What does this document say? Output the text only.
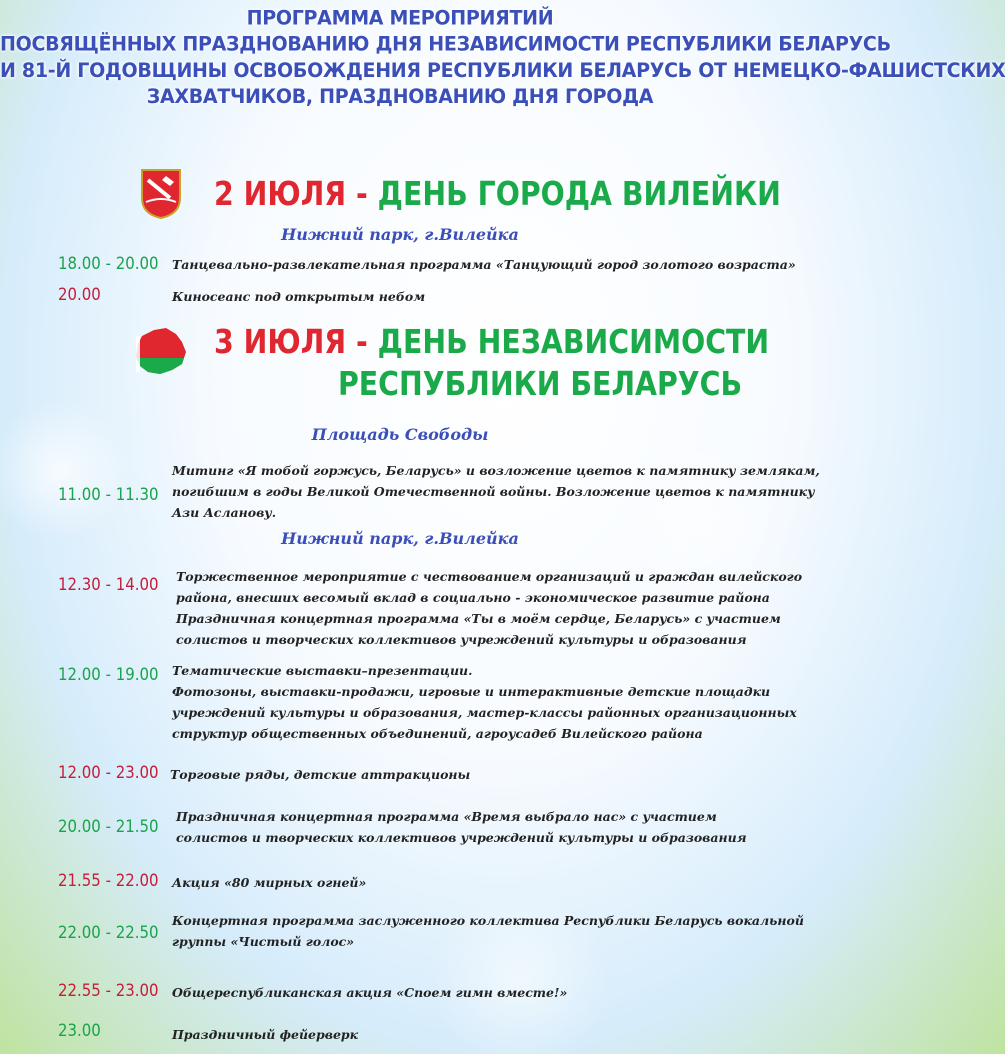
ПРОГРАММА МЕРОПРИЯТИЙ
ПОСВЯЩЁННЫХ ПРАЗДНОВАНИЮ ДНЯ НЕЗАВИСИМОСТИ РЕСПУБЛИКИ БЕЛАРУСЬ
И 81-Й ГОДОВЩИНЫ ОСВОБОЖДЕНИЯ РЕСПУБЛИКИ БЕЛАРУСЬ ОТ НЕМЕЦКО-ФАШИСТСКИХ
ЗАХВАТЧИКОВ, ПРАЗДНОВАНИЮ ДНЯ ГОРОДА
2 ИЮЛЯ - ДЕНЬ ГОРОДА ВИЛЕЙКИ
Нижний парк, г.Вилейка
18.00 - 20.00 Танцевально-развлекательная программа «Танцующий город золотого возраста»
20.00	Киносеанс под открытым небом
3 ИЮЛЯ - ДЕНЬ НЕЗАВИСИМОСТИ
РЕСПУБЛИКИ БЕЛАРУСЬ
Площадь Свободы
11.00 - 11.30
Митинг «Я тобой горжусь, Беларусь» и возложение цветов к памятнику землякам,
погибшим в годы Великой Отечественной войны. Возложение цветов к памятнику
Ази Асланову.
Нижний парк, г.Вилейка
12.30 - 14.00 Торжественное мероприятие с чествованием организаций и граждан вилейского
района, внесших весомый вклад в социально - экономическое развитие района
Праздничная концертная программа «Ты в моём сердце, Беларусь» с участием
солистов и творческих коллективов учреждений культуры и образования
12.00 - 19.00 Тематические выставки–презентации.
Фотозоны, выставки-продажи, игровые и интерактивные детские площадки
учреждений культуры и образования, мастер-классы районных организационных
структур общественных объединений, агроусадеб Вилейского района
12.00 - 23.00 Торговые ряды, детские аттракционы
20.00 - 21.50
Праздничная концертная программа «Время выбрало нас» с участием
солистов и творческих коллективов учреждений культуры и образования
21.55 - 22.00 Акция «80 мирных огней»
22.00 - 22.50
Концертная программа заслуженного коллектива Республики Беларусь вокальной
группы «Чистый голос»
22.55 - 23.00 Общереспубликанская акция «Споем гимн вместе!»
23.00	Праздничный фейерверк
